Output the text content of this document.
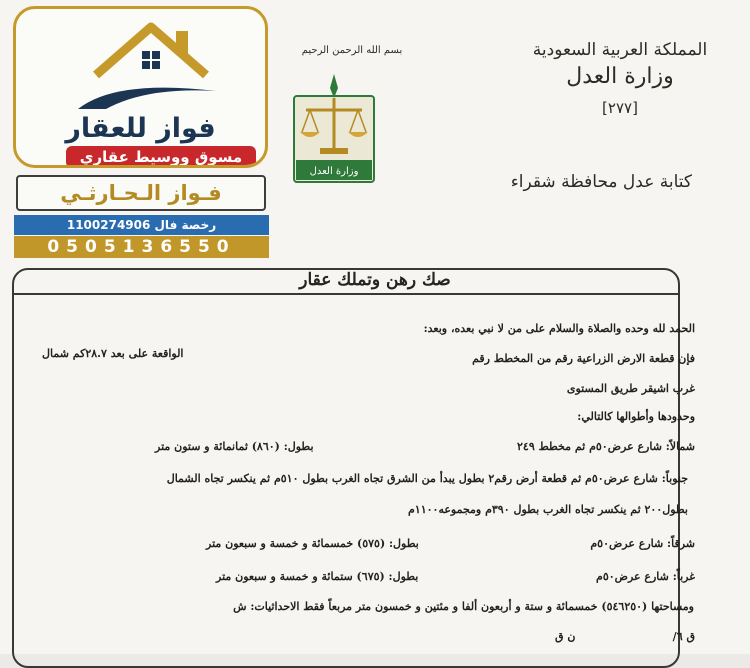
المملكة العربية السعودية
وزارة العدل
[٢٧٧]
بسم الله الرحمن الرحيم
وزارة العدل
كتابة عدل محافظة شقراء
فواز للعقار
مسوق ووسيط عقاري
فـواز الـحـارثـي
رخصة فال 1100274906
0505136550
صك رهن وتملك عقار
الحمد لله وحده والصلاة والسلام على من لا نبي بعده، وبعد:
فإن قطعة الارض الزراعية رقم من المخطط رقم
الواقعة على بعد ٢٨.٧كم شمال
غرب اشيقر طريق المستوى
وحدودها وأطوالها كالتالي:
شمالاً: شارع عرض٥٠م ثم مخطط ٢٤٩
بطول: (٨٦٠) ثمانمائة و ستون متر
جنوباً: شارع عرض٥٠م ثم قطعة أرض رقم٢ بطول يبدأ من الشرق تجاه الغرب بطول ٥١٠م ثم ينكسر تجاه الشمال
بطول٢٠٠ ثم ينكسر تجاه الغرب بطول ٣٩٠م ومجموعه١١٠٠م
شرقاً: شارع عرض٥٠م
بطول: (٥٧٥) خمسمائة و خمسة و سبعون متر
غرباً: شارع عرض٥٠م
بطول: (٦٧٥) ستمائة و خمسة و سبعون متر
ومساحتها (٥٤٦٢٥٠) خمسمائة و ستة و أربعون ألفا و مئتين و خمسون متر مربعاً فقط الاحداثيات: ش
ق ٦/
ن ق
